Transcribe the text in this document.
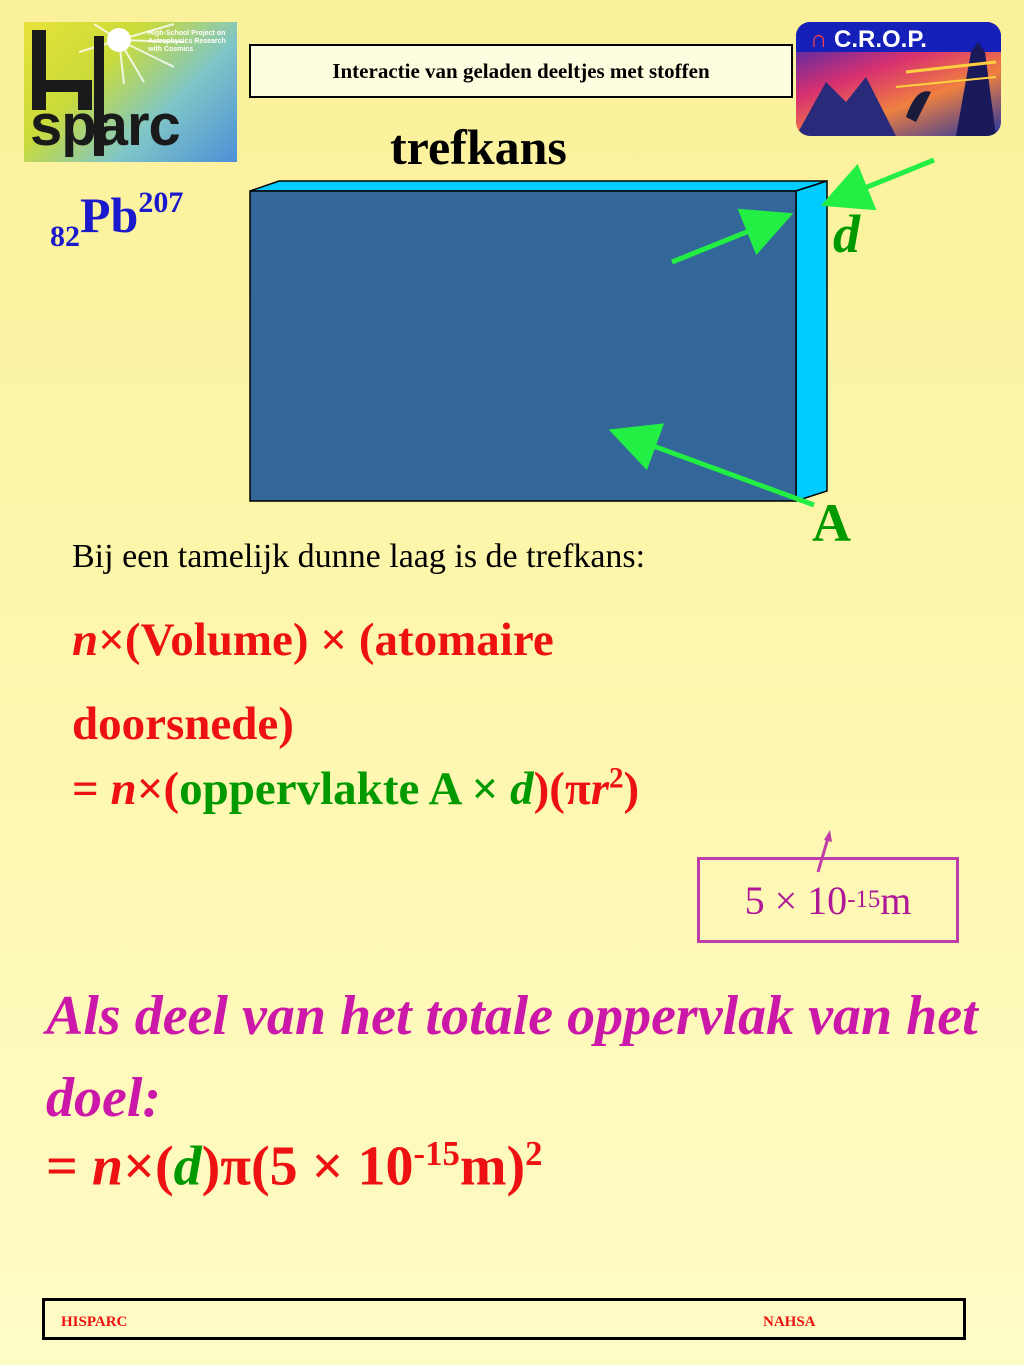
High-School Project on Astrophysics Research with Cosmics
sparc
Interactie van geladen deeltjes met stoffen
∩ C.R.O.P.
trefkans
$_{82}Pb^{207}$
d
A
Bij een tamelijk dunne laag is de trefkans:
n×(Volume) × (atomaire doorsnede)
= n×(oppervlakte $A \times d)(\pi r^2)$
5 × 10 -15 m
Als deel van het totale oppervlak van het doel:
= $n\times(d)\pi(5 \times 10^{-15}m)^2$
HISPARC	NAHSA
